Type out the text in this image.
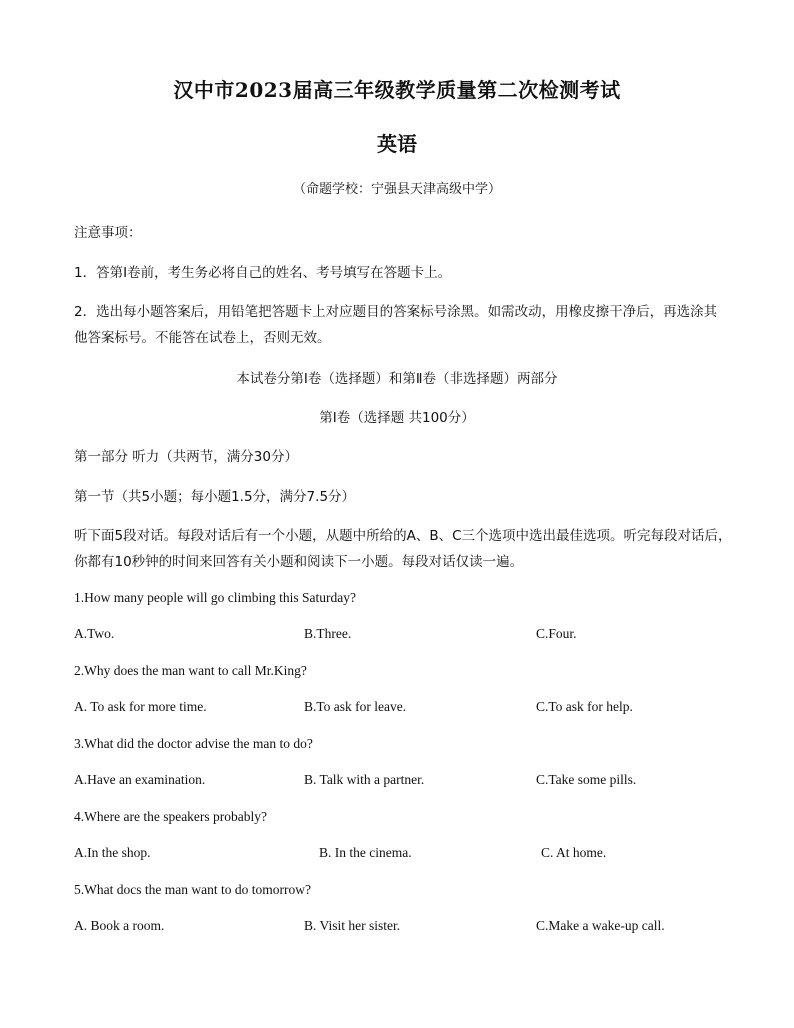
汉中市2023届高三年级教学质量第二次检测考试
英语
（命题学校：宁强县天津高级中学）
注意事项：
1．答第Ⅰ卷前，考生务必将自己的姓名、考号填写在答题卡上。
2．选出每小题答案后，用铅笔把答题卡上对应题目的答案标号涂黑。如需改动，用橡皮擦干净后，再选涂其
他答案标号。不能答在试卷上，否则无效。
本试卷分第Ⅰ卷（选择题）和第Ⅱ卷（非选择题）两部分
第Ⅰ卷（选择题 共100分）
第一部分 听力（共两节，满分30分）
第一节（共5小题；每小题1.5分，满分7.5分）
听下面5段对话。每段对话后有一个小题，从题中所给的A、B、C三个选项中选出最佳选项。听完每段对话后，
你都有10秒钟的时间来回答有关小题和阅读下一小题。每段对话仅读一遍。
1.How many people will go climbing this Saturday?
A.Two.	B.Three.	C.Four.
2.Why does the man want to call Mr.King?
A. To ask for more time.	B.To ask for leave.	C.To ask for help.
3.What did the doctor advise the man to do?
A.Have an examination.	B. Talk with a partner.	C.Take some pills.
4.Where are the speakers probably?
A.In the shop.	B. In the cinema.	C. At home.
5.What docs the man want to do tomorrow?
A. Book a room.	B. Visit her sister.	C.Make a wake-up call.
